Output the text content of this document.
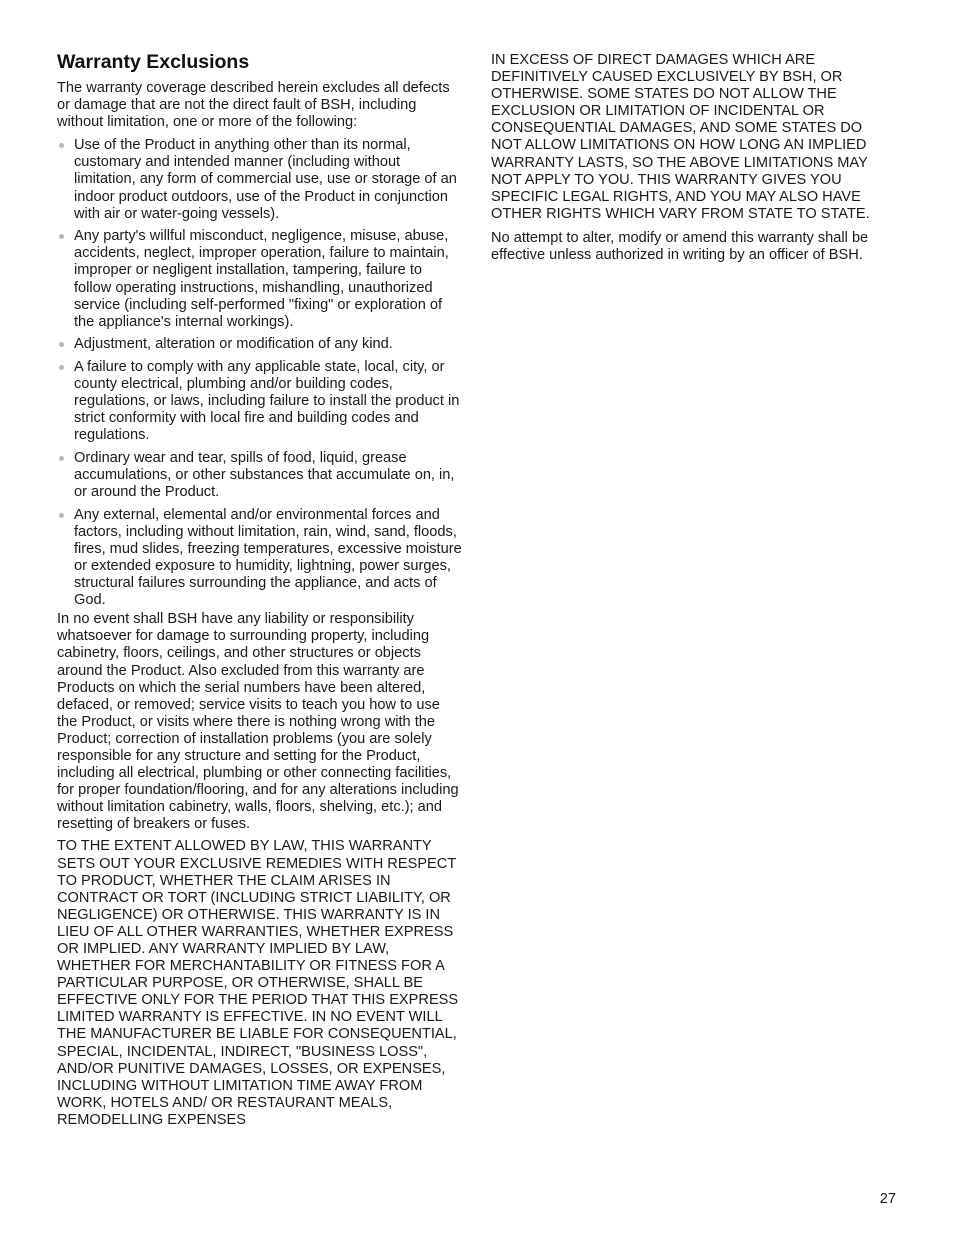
Warranty Exclusions

The warranty coverage described herein excludes all defects or damage that are not the direct fault of BSH, including without limitation, one or more of the following:

Use of the Product in anything other than its normal, customary and intended manner (including without limitation, any form of commercial use, use or storage of an indoor product outdoors, use of the Product in conjunction with air or water-going vessels).
Any party's willful misconduct, negligence, misuse, abuse, accidents, neglect, improper operation, failure to maintain, improper or negligent installation, tampering, failure to follow operating instructions, mishandling, unauthorized service (including self-performed "fixing" or exploration of the appliance's internal workings).
Adjustment, alteration or modification of any kind.
A failure to comply with any applicable state, local, city, or county electrical, plumbing and/or building codes, regulations, or laws, including failure to install the product in strict conformity with local fire and building codes and regulations.
Ordinary wear and tear, spills of food, liquid, grease accumulations, or other substances that accumulate on, in, or around the Product.
Any external, elemental and/or environmental forces and factors, including without limitation, rain, wind, sand, floods, fires, mud slides, freezing temperatures, excessive moisture or extended exposure to humidity, lightning, power surges, structural failures surrounding the appliance, and acts of God.

In no event shall BSH have any liability or responsibility whatsoever for damage to surrounding property, including cabinetry, floors, ceilings, and other structures or objects around the Product. Also excluded from this warranty are Products on which the serial numbers have been altered, defaced, or removed; service visits to teach you how to use the Product, or visits where there is nothing wrong with the Product; correction of installation problems (you are solely responsible for any structure and setting for the Product, including all electrical, plumbing or other connecting facilities, for proper foundation/flooring, and for any alterations including without limitation cabinetry, walls, floors, shelving, etc.); and resetting of breakers or fuses.

TO THE EXTENT ALLOWED BY LAW, THIS WARRANTY SETS OUT YOUR EXCLUSIVE REMEDIES WITH RESPECT TO PRODUCT, WHETHER THE CLAIM ARISES IN CONTRACT OR TORT (INCLUDING STRICT LIABILITY, OR NEGLIGENCE) OR OTHERWISE. THIS WARRANTY IS IN LIEU OF ALL OTHER WARRANTIES, WHETHER EXPRESS OR IMPLIED. ANY WARRANTY IMPLIED BY LAW, WHETHER FOR MERCHANTABILITY OR FITNESS FOR A PARTICULAR PURPOSE, OR OTHERWISE, SHALL BE EFFECTIVE ONLY FOR THE PERIOD THAT THIS EXPRESS LIMITED WARRANTY IS EFFECTIVE. IN NO EVENT WILL THE MANUFACTURER BE LIABLE FOR CONSEQUENTIAL, SPECIAL, INCIDENTAL, INDIRECT, "BUSINESS LOSS", AND/OR PUNITIVE DAMAGES, LOSSES, OR EXPENSES, INCLUDING WITHOUT LIMITATION TIME AWAY FROM WORK, HOTELS AND/ OR RESTAURANT MEALS, REMODELLING EXPENSES

IN EXCESS OF DIRECT DAMAGES WHICH ARE DEFINITIVELY CAUSED EXCLUSIVELY BY BSH, OR OTHERWISE. SOME STATES DO NOT ALLOW THE EXCLUSION OR LIMITATION OF INCIDENTAL OR CONSEQUENTIAL DAMAGES, AND SOME STATES DO NOT ALLOW LIMITATIONS ON HOW LONG AN IMPLIED WARRANTY LASTS, SO THE ABOVE LIMITATIONS MAY NOT APPLY TO YOU. THIS WARRANTY GIVES YOU SPECIFIC LEGAL RIGHTS, AND YOU MAY ALSO HAVE OTHER RIGHTS WHICH VARY FROM STATE TO STATE.

No attempt to alter, modify or amend this warranty shall be effective unless authorized in writing by an officer of BSH.

27
